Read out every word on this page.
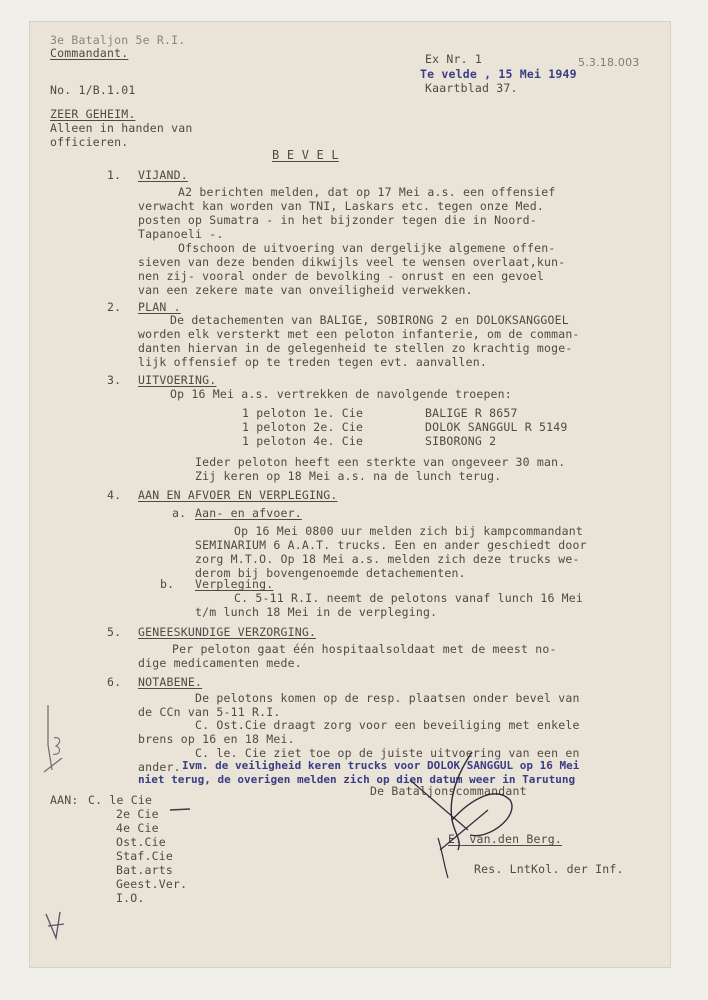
3e Bataljon 5e R.I.
Commandant.
No. 1/B.1.01
Ex Nr. 1	5.3.18.003
Te velde , 15 Mei 1949
Kaartblad 37.
ZEER GEHEIM.
Alleen in handen van
officieren.
B E V E L
1. VIJAND.
A2 berichten melden, dat op 17 Mei a.s. een offensief
verwacht kan worden van TNI, Laskars etc. tegen onze Med.
posten op Sumatra - in het bijzonder tegen die in Noord-
Tapanoeli -.
Ofschoon de uitvoering van dergelijke algemene offen-
sieven van deze benden dikwijls veel te wensen overlaat,kun-
nen zij- vooral onder de bevolking - onrust en een gevoel
van een zekere mate van onveiligheid verwekken.
2. PLAN .
De detachementen van BALIGE, SOBIRONG 2 en DOLOKSANGGOEL
worden elk versterkt met een peloton infanterie, om de comman-
danten hiervan in de gelegenheid te stellen zo krachtig moge-
lijk offensief op te treden tegen evt. aanvallen.
3. UITVOERING.
Op 16 Mei a.s. vertrekken de navolgende troepen:
1 peloton 1e. Cie	BALIGE R 8657
1 peloton 2e. Cie	DOLOK SANGGUL R 5149
1 peloton 4e. Cie	SIBORONG 2
Ieder peloton heeft een sterkte van ongeveer 30 man.
Zij keren op 18 Mei a.s. na de lunch terug.
4. AAN EN AFVOER EN VERPLEGING.
a. Aan- en afvoer.
Op 16 Mei 0800 uur melden zich bij kampcommandant
SEMINARIUM 6 A.A.T. trucks. Een en ander geschiedt door
zorg M.T.O. Op 18 Mei a.s. melden zich deze trucks we-
derom bij bovengenoemde detachementen.
b. Verpleging.
C. 5-11 R.I. neemt de pelotons vanaf lunch 16 Mei
t/m lunch 18 Mei in de verpleging.
5. GENEESKUNDIGE VERZORGING.
Per peloton gaat één hospitaalsoldaat met de meest no-
dige medicamenten mede.
6. NOTABENE.
De pelotons komen op de resp. plaatsen onder bevel van
de CCn van 5-11 R.I.
C. Ost.Cie draagt zorg voor een beveiliging met enkele
brens op 16 en 18 Mei.
C. le. Cie ziet toe op de juiste uitvoering van een en
ander. Ivm. de veiligheid keren trucks voor DOLOK SANGGUL op 16 Mei
niet terug, de overigen melden zich op dien datum weer in Tarutung
De Bataljonscommandant
E. van.den Berg.
Res. LntKol. der Inf.
AAN: C. le Cie
2e Cie
4e Cie
Ost.Cie
Staf.Cie
Bat.arts
Geest.Ver.
I.O.
